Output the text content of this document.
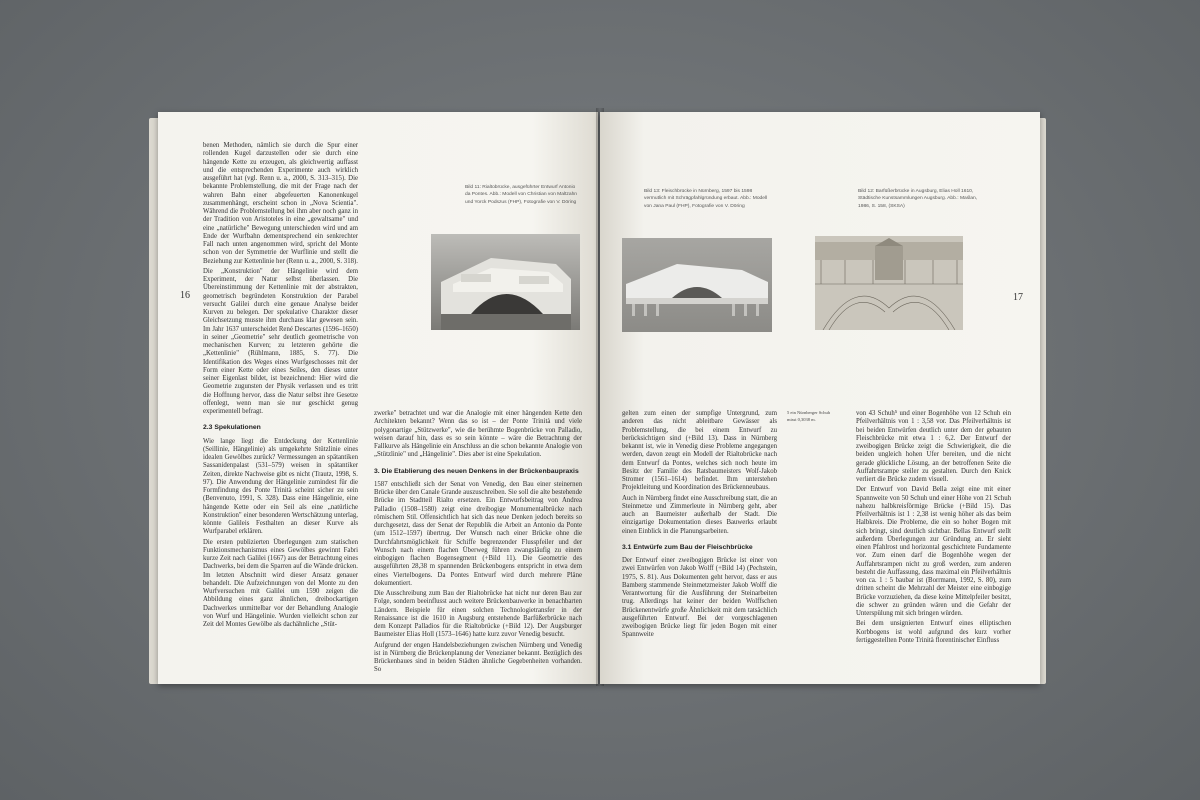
16

benen Methoden, nämlich sie durch die Spur einer rollenden Kugel darzustellen oder sie durch eine hängende Kette zu erzeugen, als gleichwertig auffasst und die entsprechenden Experimente auch wirklich ausgeführt hat (vgl. Renn u. a., 2000, S. 313–315). Die bekannte Problemstellung, die mit der Frage nach der wahren Bahn einer abgefeuerten Kanonenkugel zusammenhängt, erscheint schon in „Nova Scientia". Während die Problemstellung bei ihm aber noch ganz in der Tradition von Aristoteles in eine „gewaltsame" und eine „natürliche" Bewegung unterschieden wird und am Ende der Wurfbahn dementsprechend ein senkrechter Fall nach unten angenommen wird, spricht del Monte schon von der Symmetrie der Wurflinie und stellt die Beziehung zur Kettenlinie her (Renn u. a., 2000, S. 318).

Die „Konstruktion" der Hängelinie wird dem Experiment, der Natur selbst überlassen. Die Übereinstimmung der Kettenlinie mit der abstrakten, geometrisch begründeten Konstruktion der Parabel versucht Galilei durch eine genaue Analyse beider Kurven zu belegen. Der spekulative Charakter dieser Gleichsetzung musste ihm durchaus klar gewesen sein. Im Jahr 1637 unterscheidet René Descartes (1596–1650) in seiner „Geometrie" sehr deutlich geometrische von mechanischen Kurven; zu letzteren gehörte die „Kettenlinie" (Rühlmann, 1885, S. 77). Die Identifikation des Weges eines Wurfgeschosses mit der Form einer Kette oder eines Seiles, den dieses unter seiner Eigenlast bildet, ist bezeichnend: Hier wird die Geometrie zugunsten der Physik verlassen und es tritt die Hoffnung hervor, dass die Natur selbst ihre Gesetze offenlegt, wenn man sie nur geschickt genug experimentell befragt.

2.3 Spekulationen

Wie lange liegt die Entdeckung der Kettenlinie (Seillinie, Hängelinie) als umgekehrte Stützlinie eines idealen Gewölbes zurück? Vermessungen an spätantiken Sassanidenpalast (531–579) weisen in spätantiker Zeiten, direkte Nachweise gibt es nicht (Trautz, 1998, S. 97). Die Anwendung der Hängelinie zumindest für die Formfindung des Ponte Trinità scheint sicher zu sein (Benvenuto, 1991, S. 328). Dass eine Hängelinie, eine hängende Kette oder ein Seil als eine „natürliche Konstruktion" einer besonderen Wertschätzung unterlag, könnte Galileis Festhalten an dieser Kurve als Wurfparabel erklären.

Die ersten publizierten Überlegungen zum statischen Funktionsmechanismus eines Gewölbes gewinnt Fabri kurze Zeit nach Galilei (1667) aus der Betrachtung eines Dachwerks, bei dem die Sparren auf die Wände drücken. Im letzten Abschnitt wird dieser Ansatz genauer behandelt. Die Aufzeichnungen von del Monte zu den Wurfversuchen mit Galilei um 1590 zeigen die Abbildung eines ganz ähnlichen, dreibockartigen Dachwerkes unmittelbar vor der Behandlung Analogie von Wurf und Hängelinie. Wurden vielleicht schon zur Zeit del Montes Gewölbe als dachähnliche „Stüt-

Bild 11: Rialtobrücke, ausgeführter Entwurf Antonio da Pontes. Abb.: Modell von Christian von Maltzahn und Yorck Podszus (FHP), Fotografie von V. Döring

zwerke" betrachtet und war die Analogie mit einer hängenden Kette den Architekten bekannt? Wenn das so ist – der Ponte Trinità und viele polygonartige „Stützwerke", wie die berühmte Bogenbrücke von Palladio, weisen darauf hin, dass es so sein könnte – wäre die Betrachtung der Fallkurve als Hängelinie ein Anschluss an die schon bekannte Analogie von „Stützlinie" und „Hängelinie". Dies aber ist eine Spekulation.

3. Die Etablierung des neuen Denkens in der Brückenbaupraxis

1587 entschließt sich der Senat von Venedig, den Bau einer steinernen Brücke über den Canale Grande auszuschreiben. Sie soll die alte bestehende Brücke im Stadtteil Rialto ersetzen. Ein Entwurfsbeitrag von Andrea Palladio (1508–1580) zeigt eine dreibogige Monumentalbrücke nach römischem Stil. Offensichtlich hat sich das neue Denken jedoch bereits so durchgesetzt, dass der Senat der Republik die Arbeit an Antonio da Ponte (um 1512–1597) übertrug. Der Wunsch nach einer Brücke ohne die Durchfahrtsmöglichkeit für Schiffe begrenzender Flusspfeiler und der Wunsch nach einem flachen Überweg führen zwangsläufig zu einem einbogigen flachen Bogensegment (+Bild 11). Die Geometrie des ausgeführten 28,38 m spannenden Brückenbogens entspricht in etwa dem eines Viertelbogens. Da Pontes Entwurf wird durch mehrere Pläne dokumentiert.

Die Ausschreibung zum Bau der Rialtobrücke hat nicht nur deren Bau zur Folge, sondern beeinflusst auch weitere Brückenbauwerke in benachbarten Ländern. Beispiele für einen solchen Technologietransfer in der Renaissance ist die 1610 in Augsburg entstehende Barfüßerbrücke nach dem Konzept Palladios für die Rialtobrücke (+Bild 12). Der Augsburger Baumeister Elias Holl (1573–1646) hatte kurz zuvor Venedig besucht.

Aufgrund der engen Handelsbeziehungen zwischen Nürnberg und Venedig ist in Nürnberg die Brückenplanung der Venezianer bekannt. Bezüglich des Brückenbaues sind in beiden Städten ähnliche Gegebenheiten vorhanden. So

17
Bild 13: Fleischbrücke in Nürnberg, 1597 bis 1598 vermutlich mit Schrägpfahlgründung erbaut. Abb.: Modell von Jana Paul (FHP), Fotografie von V. Döring
Bild 12: Barfüßerbrücke in Augsburg, Elias Holl 1610, Städtische Kunstsammlungen Augsburg. Abb.: Maślan, 1986, S. 158, (SKSA)
5 ein Nürnberger Schuh misst 0,3038 m.

gelten zum einen der sumpfige Untergrund, zum anderen das nicht ableitbare Gewässer als Problemstellung, die bei einem Entwurf zu berücksichtigen sind (+Bild 13). Dass in Nürnberg bekannt ist, wie in Venedig diese Probleme angegangen werden, davon zeugt ein Modell der Rialtobrücke nach dem Entwurf da Pontes, welches sich noch heute im Besitz der Familie des Ratsbaumeisters Wolf-Jakob Stromer (1561–1614) befindet. Ihm unterstehen Projektleitung und Koordination des Brückenneubaus.

Auch in Nürnberg findet eine Ausschreibung statt, die an Steinmetze und Zimmerleute in Nürnberg geht, aber auch an Baumeister außerhalb der Stadt. Die einzigartige Dokumentation dieses Bauwerks erlaubt einen Einblick in die Planungsarbeiten.

3.1 Entwürfe zum Bau der Fleischbrücke

Der Entwurf einer zweibogigen Brücke ist einer von zwei Entwürfen von Jakob Wolff (+Bild 14) (Pechstein, 1975, S. 81). Aus Dokumenten geht hervor, dass er aus Bamberg stammende Steinmetzmeister Jakob Wolff die Verantwortung für die Ausführung der Steinarbeiten trug. Allerdings hat keiner der beiden Wolffschen Brückenentwürfe große Ähnlichkeit mit dem tatsächlich ausgeführten Entwurf. Bei der vorgeschlagenen zweibogigen Brücke liegt für jeden Bogen mit einer Spannweite

von 43 Schuh⁵ und einer Bogenhöhe von 12 Schuh ein Pfeilverhältnis von 1 : 3,58 vor. Das Pfeilverhältnis ist bei beiden Entwürfen deutlich unter dem der gebauten Fleischbrücke mit etwa 1 : 6,2. Der Entwurf der zweibogigen Brücke zeigt die Schwierigkeit, die die beiden ungleich hohen Ufer bereiten, und die nicht gerade glückliche Lösung, an der betroffenen Seite die Auffahrtsrampe steiler zu gestalten. Durch den Knick verliert die Brücke zudem visuell.

Der Entwurf von David Bella zeigt eine mit einer Spannweite von 50 Schuh und einer Höhe von 21 Schuh nahezu halbkreisförmige Brücke (+Bild 15). Das Pfeilverhältnis ist 1 : 2,38 ist wenig höher als das beim Halbkreis. Die Probleme, die ein so hoher Bogen mit sich bringt, sind deutlich sichtbar. Bellas Entwurf stellt außerdem Überlegungen zur Gründung an. Er sieht einen Pfahlrost und horizontal geschichtete Fundamente vor. Zum einen darf die Bogenhöhe wegen der Auffahrtsrampen nicht zu groß werden, zum anderen besteht die Auffassung, dass maximal ein Pfeilverhältnis von ca. 1 : 5 baubar ist (Borrmann, 1992, S. 80), zum dritten scheint die Mehrzahl der Meister eine einbogige Brücke vorzuziehen, da diese keine Mittelpfeiler besitzt, die schwer zu gründen wären und die Gefahr der Unterspülung mit sich bringen würden.

Bei dem unsignierten Entwurf eines elliptischen Korbbogens ist wohl aufgrund des kurz vorher fertiggestellten Ponte Trinità florentinischer Einfluss
